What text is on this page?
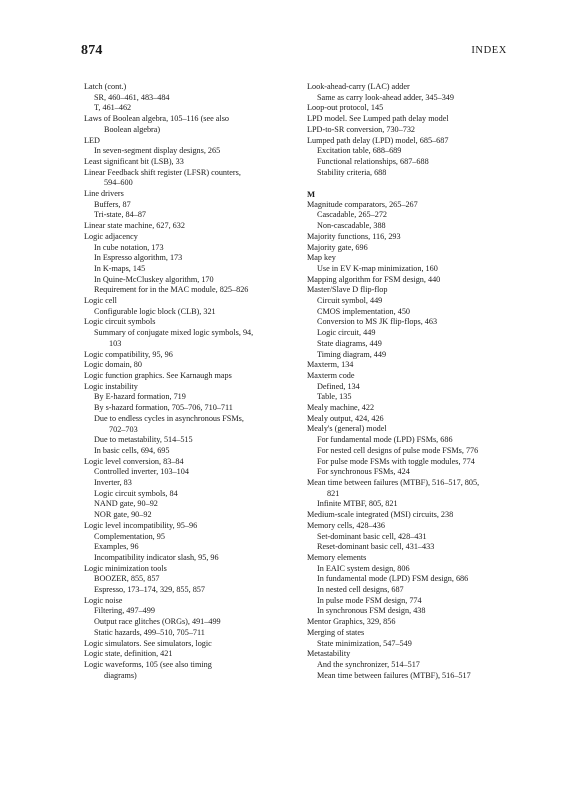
874	INDEX
Latch (cont.)
SR, 460–461, 483–484
T, 461–462
Laws of Boolean algebra, 105–116 (see also
Boolean algebra)
LED
In seven-segment display designs, 265
Least significant bit (LSB), 33
Linear Feedback shift register (LFSR) counters,
594–600
Line drivers
Buffers, 87
Tri-state, 84–87
Linear state machine, 627, 632
Logic adjacency
In cube notation, 173
In Espresso algorithm, 173
In K-maps, 145
In Quine-McCluskey algorithm, 170
Requirement for in the MAC module, 825–826
Logic cell
Configurable logic block (CLB), 321
Logic circuit symbols
Summary of conjugate mixed logic symbols, 94,
103
Logic compatibility, 95, 96
Logic domain, 80
Logic function graphics. See Karnaugh maps
Logic instability
By E-hazard formation, 719
By s-hazard formation, 705–706, 710–711
Due to endless cycles in asynchronous FSMs,
702–703
Due to metastability, 514–515
In basic cells, 694, 695
Logic level conversion, 83–84
Controlled inverter, 103–104
Inverter, 83
Logic circuit symbols, 84
NAND gate, 90–92
NOR gate, 90–92
Logic level incompatibility, 95–96
Complementation, 95
Examples, 96
Incompatibility indicator slash, 95, 96
Logic minimization tools
BOOZER, 855, 857
Espresso, 173–174, 329, 855, 857
Logic noise
Filtering, 497–499
Output race glitches (ORGs), 491–499
Static hazards, 499–510, 705–711
Logic simulators. See simulators, logic
Logic state, definition, 421
Logic waveforms, 105 (see also timing
diagrams)
Look-ahead-carry (LAC) adder
Same as carry look-ahead adder, 345–349
Loop-out protocol, 145
LPD model. See Lumped path delay model
LPD-to-SR conversion, 730–732
Lumped path delay (LPD) model, 685–687
Excitation table, 688–689
Functional relationships, 687–688
Stability criteria, 688
M
Magnitude comparators, 265–267
Cascadable, 265–272
Non-cascadable, 388
Majority functions, 116, 293
Majority gate, 696
Map key
Use in EV K-map minimization, 160
Mapping algorithm for FSM design, 440
Master/Slave D flip-flop
Circuit symbol, 449
CMOS implementation, 450
Conversion to MS JK flip-flops, 463
Logic circuit, 449
State diagrams, 449
Timing diagram, 449
Maxterm, 134
Maxterm code
Defined, 134
Table, 135
Mealy machine, 422
Mealy output, 424, 426
Mealy's (general) model
For fundamental mode (LPD) FSMs, 686
For nested cell designs of pulse mode FSMs, 776
For pulse mode FSMs with toggle modules, 774
For synchronous FSMs, 424
Mean time between failures (MTBF), 516–517, 805,
821
Infinite MTBF, 805, 821
Medium-scale integrated (MSI) circuits, 238
Memory cells, 428–436
Set-dominant basic cell, 428–431
Reset-dominant basic cell, 431–433
Memory elements
In EAIC system design, 806
In fundamental mode (LPD) FSM design, 686
In nested cell designs, 687
In pulse mode FSM design, 774
In synchronous FSM design, 438
Mentor Graphics, 329, 856
Merging of states
State minimization, 547–549
Metastability
And the synchronizer, 514–517
Mean time between failures (MTBF), 516–517
